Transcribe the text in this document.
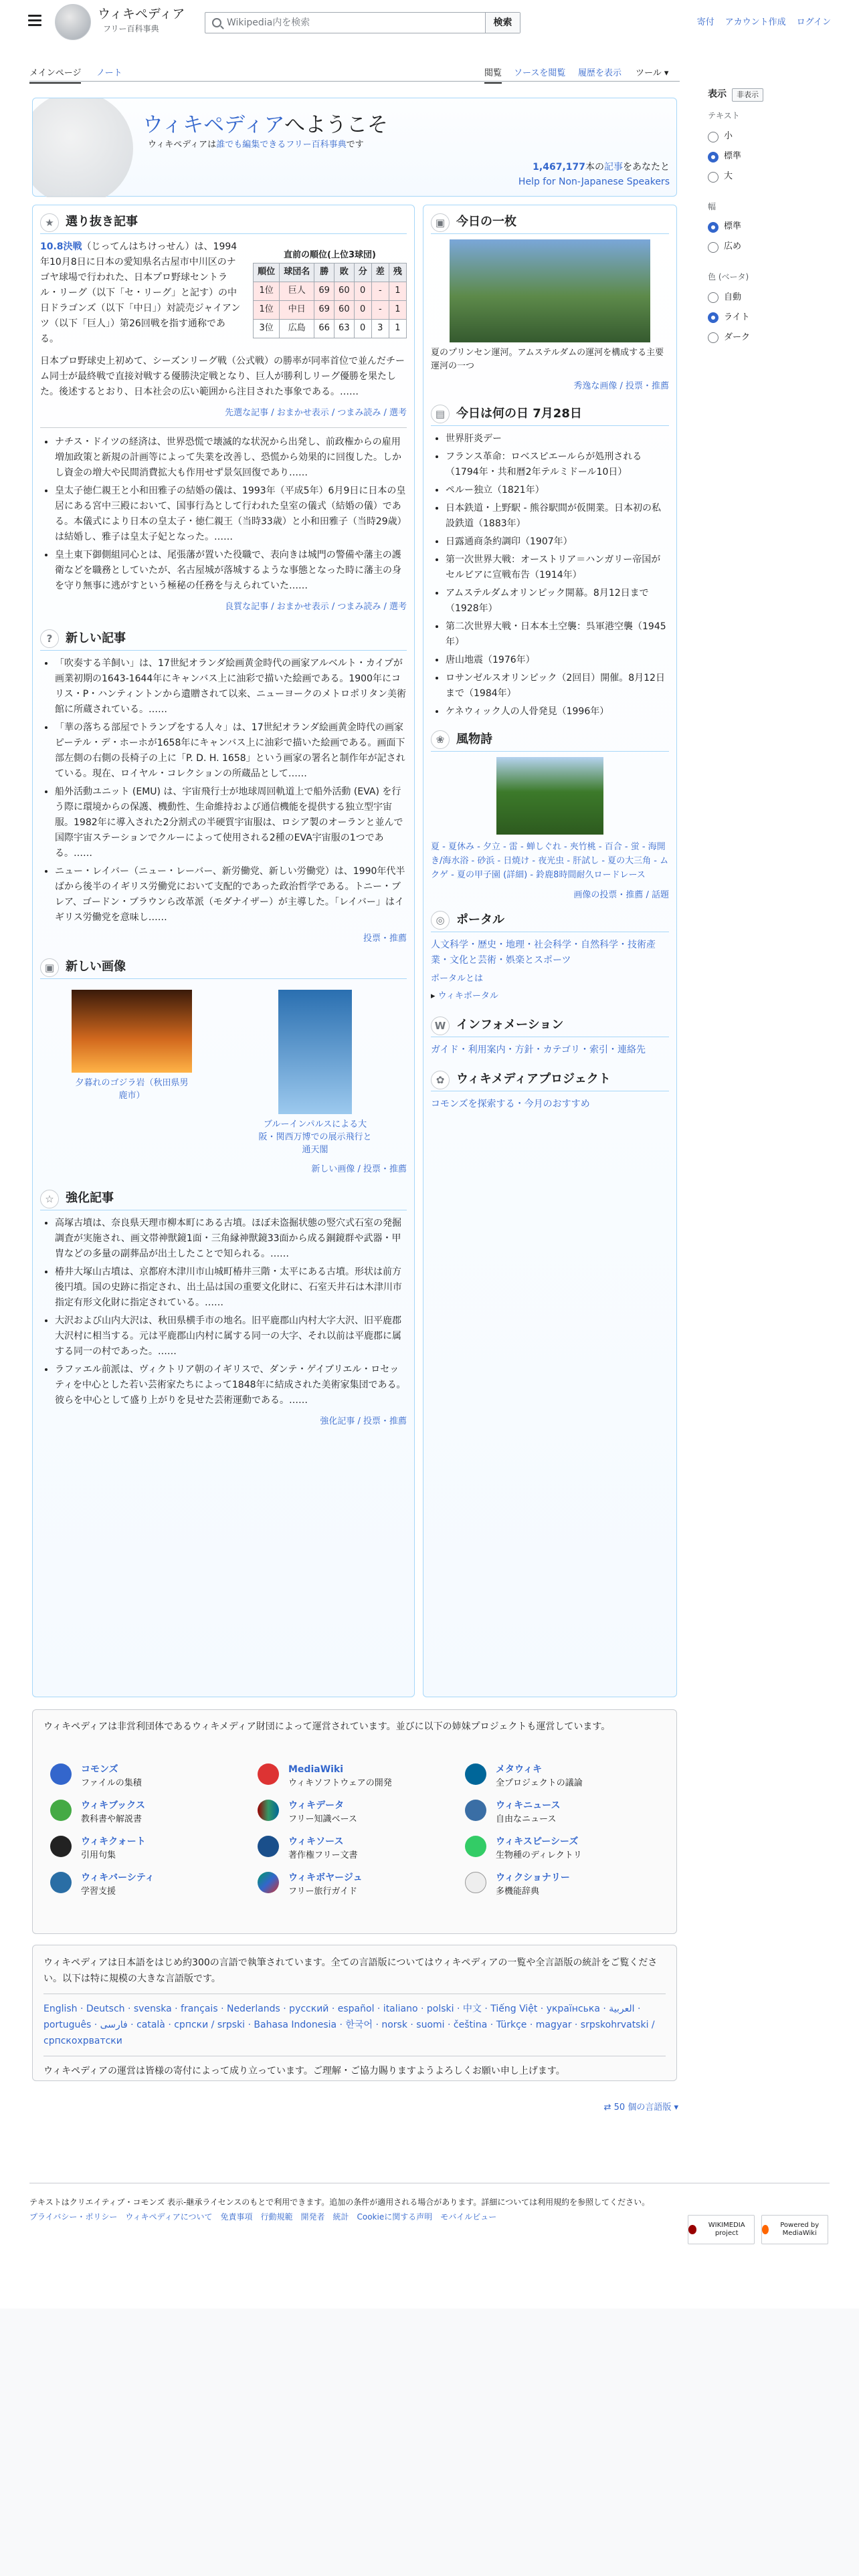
ウィキペディア
フリー百科事典
Wikipedia内を検索	検索	寄付 アカウント作成 ログイン
メインページ ノート	閲覧 ソースを閲覧 履歴を表示 ツール ▾
表示 非表示
テキスト
小
標準
大
幅
標準
広め
色 (ベータ)
自動
ライト
ダーク
ウィキペディアへようこそ
ウィキペディアは誰でも編集できるフリー百科事典です
1,467,177本の記事をあなたと
Help for Non-Japanese Speakers
★ 選り抜き記事
直前の順位(上位3球団)
順位	球団名	勝	敗	分	差	残
1位	巨人	69	60	0	-	1
1位	中日	69	60	0	-	1
3位	広島	66	63	0	3	1
10.8決戦（じってんはちけっせん）は、1994年10月8日に日本の愛知県名古屋市中川区のナゴヤ球場で行われた、日本プロ野球セントラル・リーグ（以下「セ・リーグ」と記す）の中日ドラゴンズ（以下「中日」）対読売ジャイアンツ（以下「巨人」）第26回戦を指す通称である。
日本プロ野球史上初めて、シーズンリーグ戦（公式戦）の勝率が同率首位で並んだチーム同士が最終戦で直接対戦する優勝決定戦となり、巨人が勝利しリーグ優勝を果たした。後述するとおり、日本社会の広い範囲から注目された事象である。……
先選な記事 / おまかせ表示 / つまみ読み / 選考
• ナチス・ドイツの経済は、世界恐慌で壊滅的な状況から出発し、前政権からの雇用増加政策と新規の計画等によって失業を改善し、恐慌から効果的に回復した。しかし資金の増大や民間消費拡大も作用せず景気回復であり……
• 皇太子徳仁親王と小和田雅子の結婚の儀は、1993年（平成5年）6月9日に日本の皇居にある宮中三殿において、国事行為として行われた皇室の儀式（結婚の儀）である。本儀式により日本の皇太子・徳仁親王（当時33歳）と小和田雅子（当時29歳）は結婚し、雅子は皇太子妃となった。……
• 皇土東下御側組同心とは、尾張藩が置いた役職で、表向きは城門の警備や藩主の護衛などを職務としていたが、名古屋城が落城するような事態となった時に藩主の身を守り無事に逃がすという極秘の任務を与えられていた……
良質な記事 / おまかせ表示 / つまみ読み / 選考
?	新しい記事
• 「吹奏する羊飼い」は、17世紀オランダ絵画黄金時代の画家アルベルト・カイプが画業初期の1643-1644年にキャンバス上に油彩で描いた絵画である。1900年にコリス・P・ハンティントンから遺贈されて以来、ニューヨークのメトロポリタン美術館に所蔵されている。……
• 「華の落ちる部屋でトランプをする人々」は、17世紀オランダ絵画黄金時代の画家ピーテル・デ・ホーホが1658年にキャンバス上に油彩で描いた絵画である。画面下部左側の右側の長椅子の上に「P. D. H. 1658」という画家の署名と制作年が記されている。現在、ロイヤル・コレクションの所蔵品として……
• 船外活動ユニット (EMU) は、宇宙飛行士が地球周回軌道上で船外活動 (EVA) を行う際に環境からの保護、機動性、生命維持および通信機能を提供する独立型宇宙服。1982年に導入された2分割式の半硬質宇宙服は、ロシア製のオーランと並んで国際宇宙ステーションでクルーによって使用される2種のEVA宇宙服の1つである。……
• ニュー・レイバー（ニュー・レーバー、新労働党、新しい労働党）は、1990年代半ばから後半のイギリス労働党において支配的であった政治哲学である。トニー・ブレア、ゴードン・ブラウンら改革派（モダナイザー）が主導した。「レイバー」はイギリス労働党を意味し……
投票・推薦
▣ 新しい画像
夕暮れのゴジラ岩（秋田県男鹿市）
ブルーインパルスによる大阪・関西万博での展示飛行と通天閣
新しい画像 / 投票・推薦
☆ 強化記事
• 高塚古墳は、奈良県天理市柳本町にある古墳。ほぼ未盗掘状態の竪穴式石室の発掘調査が実施され、画文帯神獣鏡1面・三角縁神獣鏡33面から成る銅鏡群や武器・甲冑などの多量の副葬品が出土したことで知られる。……
• 椿井大塚山古墳は、京都府木津川市山城町椿井三階・太平にある古墳。形状は前方後円墳。国の史跡に指定され、出土品は国の重要文化財に、石室天井石は木津川市指定有形文化財に指定されている。……
• 大沢および山内大沢は、秋田県横手市の地名。旧平鹿郡山内村大字大沢、旧平鹿郡大沢村に相当する。元は平鹿郡山内村に属する同一の大字、それ以前は平鹿郡に属する同一の村であった。……
• ラファエル前派は、ヴィクトリア朝のイギリスで、ダンテ・ゲイブリエル・ロセッティを中心とした若い芸術家たちによって1848年に結成された美術家集団である。彼らを中心として盛り上がりを見せた芸術運動である。……
強化記事 / 投票・推薦
▣ 今日の一枚
夏のプリンセン運河。アムステルダムの運河を構成する主要運河の一つ
秀逸な画像 / 投票・推薦
▤ 今日は何の日 7月28日
• 世界肝炎デー
• フランス革命：ロベスピエールらが処刑される（1794年・共和暦2年テルミドール10日）
• ペルー独立（1821年）
• 日本鉄道・上野駅 - 熊谷駅間が仮開業。日本初の私設鉄道（1883年）
• 日露通商条約調印（1907年）
• 第一次世界大戦：オーストリア＝ハンガリー帝国がセルビアに宣戦布告（1914年）
• アムステルダムオリンピック開幕。8月12日まで（1928年）
• 第二次世界大戦・日本本土空襲：呉軍港空襲（1945年）
• 唐山地震（1976年）
• ロサンゼルスオリンピック（2回目）開催。8月12日まで（1984年）
• ケネウィック人の人骨発見（1996年）
❀ 風物詩
夏 - 夏休み - 夕立 - 雷 - 蝉しぐれ - 夾竹桃 - 百合 - 蛍 - 海開き/海水浴 - 砂浜 - 日焼け - 夜光虫 - 肝試し - 夏の大三角 - ムクゲ - 夏の甲子園 (詳細) - 鈴鹿8時間耐久ロードレース
画像の投票・推薦 / 話題
◎ ポータル
人文科学・歴史・地理・社会科学・自然科学・技術產業・文化と芸術・娯楽とスポーツ
ポータルとは
▸ ウィキポータル
W インフォメーション
ガイド・利用案内・方針・カテゴリ・索引・連絡先
✿ ウィキメディアプロジェクト
コモンズを探索する・今月のおすすめ
ウィキペディアは非営利団体であるウィキメディア財団によって運営されています。並びに以下の姉妹プロジェクトも運営しています。
コモンズ
ファイルの集積
MediaWiki
ウィキソフトウェアの開発
メタウィキ
全プロジェクトの議論
ウィキブックス
教科書や解説書
ウィキデータ
フリー知識ベース
ウィキニュース
自由なニュース
ウィキクォート
引用句集
ウィキソース
著作権フリー文書
ウィキスピーシーズ
生物種のディレクトリ
ウィキバーシティ
学習支援
ウィキボヤージュ
フリー旅行ガイド
ウィクショナリー
多機能辞典
ウィキペディアは日本語をはじめ約300の言語で執筆されています。全ての言語版についてはウィキペディアの一覧や全言語版の統計をご覧ください。以下は特に規模の大きな言語版です。
English · Deutsch · svenska · français · Nederlands · русский · español · italiano · polski · 中文 · Tiếng Việt · українська · العربية · português · فارسی · català · српски / srpski · Bahasa Indonesia · 한국어 · norsk · suomi · čeština · Türkçe · magyar · srpskohrvatski / српскохрватски
ウィキペディアの運営は皆様の寄付によって成り立っています。ご理解・ご協力賜りますようよろしくお願い申し上げます。
⇄ 50 個の言語版 ▾
テキストはクリエイティブ・コモンズ 表示-継承ライセンスのもとで利用できます。追加の条件が適用される場合があります。詳細については利用規約を参照してください。
プライバシー・ポリシー　ウィキペディアについて　免責事項　行動規範　開発者　統計　Cookieに関する声明　モバイルビュー
WIKIMEDIA project
Powered by MediaWiki
